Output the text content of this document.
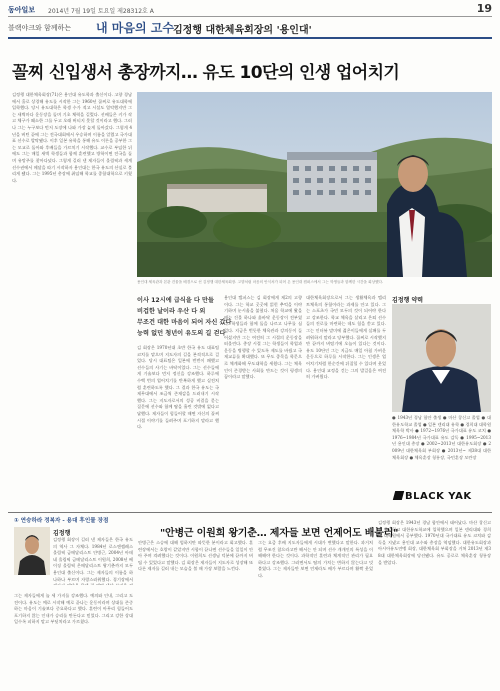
동아일보 2014년 7월 19일 토요일 제28312호 A	19
블랙야크와 함께하는 내 마음의 고수 김정행 대한체육회장의 '용인대'
꼴찌 신입생서 총장까지… 유도 10단의 인생 업어치기
김정행 대한체육회장(71)은 용인대 유도학과 출신이다. 고향 경남에서 홀로 상경해 유도를 시작한 그는 1960년 꼴찌로 유도대학에 입학했다. 당시 유도대학은 학생 수가 적고 시설도 열악했지만 그는 새벽마다 운동장을 돌며 기초 체력을 길렀다. 선배들은 키가 작고 체구가 왜소한 그를 두고 오래 버티지 못할 것이라고 했다. 그러나 그는 누구보다 먼저 도장에 나와 가장 늦게 돌아갔다. 그렇게 4년을 버틴 끝에 그는 전국대회에서 우승하며 이름을 알렸고 국가대표 선수로 발탁됐다. 이후 일본 유학을 통해 유도 이론을 공부한 그는 모교로 돌아와 후배들을 가르치기 시작했다. 교수로 부임한 뒤에도 그는 매일 새벽 학생들과 함께 훈련했고 방학이면 전국을 돌며 유망주를 찾아다녔다. 그렇게 길러 낸 제자들이 올림픽과 세계선수권에서 메달을 따기 시작하자 용인대는 한국 유도의 산실로 불리게 됐다. 그는 1995년 총장에 취임해 학교를 종합대학으로 키웠다.
용인대 체육관과 본관 건물을 배경으로 선 김정행 대한체육회장. 고향처럼 마음의 안식처가 되어 온 용인대 캠퍼스에서 그는 학생들과 함께한 시간을 회상했다.
이사 12시에 급식을 다 만들
비겁한 날이라 우산 다 외
무조건 대한 마음이 되어 자신 갔다
능력 없던 청년이 유도의 길 걷다
김 회장은 1970년대 초반 한국 유도 대표팀 코치를 맡으며 지도자의 길을 본격적으로 걸었다. 당시 대표팀은 일본에 번번이 패했고 선수들의 사기는 바닥이었다. 그는 선수들에게 기술보다 먼저 정신을 강조했다. 하루에 수백 번의 업어치기를 반복하게 했고 실전처럼 훈련하도록 했다. 그 결과 한국 유도는 국제무대에서 조금씩 존재감을 드러내기 시작했다. 그는 지도자로서의 성공 비결을 묻는 질문에 선수와 함께 땀을 흘린 것밖에 없다고 답했다. 제자들이 힘들어할 때면 자신의 꼴찌 시절 이야기를 들려주며 포기하지 말라고 했다.
용인대 캠퍼스는 김 회장에게 제2의 고향이다. 그는 학교 곳곳에 얽힌 추억을 이야기하며 눈시울을 붉혔다. 처음 학교에 왔을 때는 건물 하나와 흙바닥 운동장이 전부였다. 학생들과 함께 돌을 나르고 나무를 심었다. 지금은 번듯한 체육관과 강의동이 들어섰지만 그는 여전히 그 시절의 운동장을 떠올린다. 총장 시절 그는 학생들이 학업과 운동을 병행할 수 있도록 제도를 바꿨고 국제교류를 확대했다. 또 무도 종목을 학문으로 체계화해 무도대학을 세웠다. 그는 체육인이 존경받는 사회를 만드는 것이 평생의 꿈이라고 말했다.
대한체육회장으로서 그는 생활체육과 엘리트체육의 통합이라는 과제를 안고 있다. 그는 스포츠가 국민 모두의 것이 되어야 한다고 강조한다. 학교 체육을 살리고 은퇴 선수들의 진로를 마련하는 데도 힘을 쏟고 있다. 그는 인터뷰 말미에 젊은이들에게 실패를 두려워하지 말라고 당부했다. 꼴찌로 시작했지만 끝까지 버텼기에 오늘이 있다는 것이다. 유도 10단인 그는 지금도 매일 아침 가벼운 운동으로 하루를 시작한다. 그는 인생은 업어치기처럼 한순간에 뒤집힐 수 있다며 웃었다. 용인대 교정을 걷는 그의 발걸음은 여전히 가벼웠다.
김정행 약력
● 1943년 경남 함안 출생 ● 마산 창신고 졸업 ● 대한유도학교 졸업 ● 일본 덴리대 유학 ● 경희대 대학원 체육학 박사 ● 1972~1976년 국가대표 유도 코치 ● 1976~1984년 국가대표 유도 감독 ● 1995~2013년 용인대 총장 ● 2002~2013년 대한유도회장 ● 2009년 대한체육회 부회장 ● 2013년~ 제38대 대한체육회장 ● 체육훈장 청룡장, 국민훈장 모란장
BLACK YAK
① 연승하라 정복자 - 용대 후인물 장점
"안병근 이원희 왕기춘… 제자들 보면 언제어도 배불러"
김정행
김정행 회장이 길러 낸 제자들은 한국 유도의 역사 그 자체다. 1984년 로스앤젤레스 올림픽 금메달리스트 안병근, 2004년 아테네 올림픽 금메달리스트 이원희, 2008년 베이징 올림픽 은메달리스트 왕기춘까지 모두 용인대 출신이다. 그는 제자들의 이름을 하나하나 부르며 자랑스러워했다. 경기장에서
그는 제자들에게 늘 세 가지를 강조했다. 예의와 인내, 그리고 도전이다. 유도는 예로 시작해 예로 끝나는 운동이라며 상대를 존중하는 마음이 기술보다 중요하다고 했다. 훈련이 아무리 힘들어도 포기하지 않는 인내가 승리를 만든다고 믿었다. 그리고 강한 상대일수록 피하지 말고 부딪치라고 가르쳤다.
안병근은 스승에 대해 엄하지만 따뜻한 분이라고 회고했다. 훈련장에서는 호랑이 같았지만 시합이 끝나면 선수들을 일일이 안아 주며 격려했다는 것이다. 이원희도 선생님 덕분에 끝까지 버틸 수 있었다고 말했다. 김 회장은 제자들이 지도자로 성장해 또 다른 제자를 길러 내는 모습을 볼 때 가장 보람을 느낀다.
그는 요즘 후배 지도자들에게 시대가 변했다고 말한다. 과거처럼 무조건 참으라고만 해서는 안 되며 선수 개개인의 특성을 이해해야 한다는 것이다. 과학적인 훈련과 체계적인 관리가 필요하다고 강조했다. 그러면서도 땀의 가치는 변하지 않는다고 덧붙였다. 그는 제자들만 보면 언제라도 배가 부르다며 활짝 웃었다.
김정행 회장은 1943년 경남 함안에서 태어났다. 마산 창신고를 졸업하고 대한유도학교에 입학했으며 일본 덴리대와 경희대 대학원에서 공부했다. 1970년대 국가대표 유도 코치와 감독을 지냈고 용인대 교수와 총장을 역임했다. 대한유도회장과 아시아유도연맹 회장, 대한체육회 부회장을 거쳐 2013년 제38대 대한체육회장에 당선됐다. 유도 공로로 체육훈장 청룡장을 받았다.
